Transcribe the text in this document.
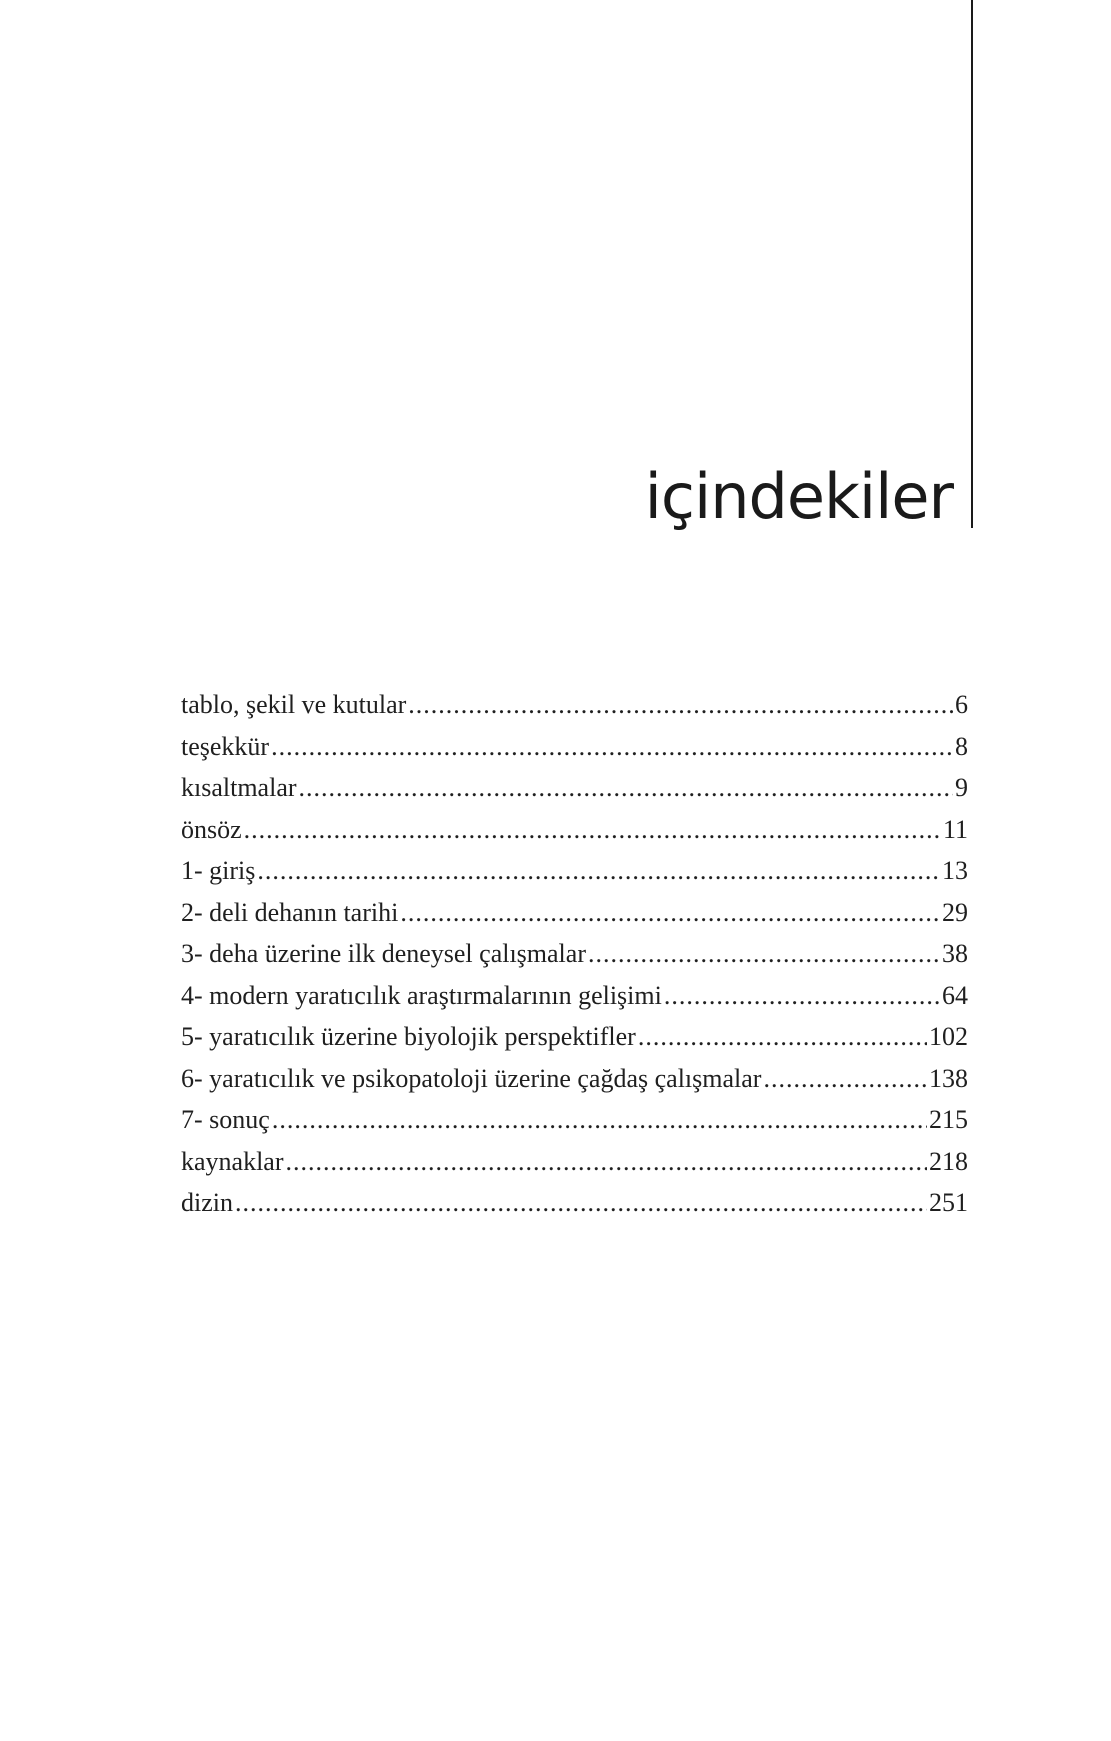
içindekiler
tablo, şekil ve kutular .....	6
teşekkür .....	8
kısaltmalar .....	9
önsöz .....	11
1- giriş .....	13
2- deli dehanın tarihi .....	29
3- deha üzerine ilk deneysel çalışmalar .....	38
4- modern yaratıcılık araştırmalarının gelişimi .....	64
5- yaratıcılık üzerine biyolojik perspektifler .....	102
6- yaratıcılık ve psikopatoloji üzerine çağdaş çalışmalar .....	138
7- sonuç .....	215
kaynaklar .....	218
dizin .....	251
